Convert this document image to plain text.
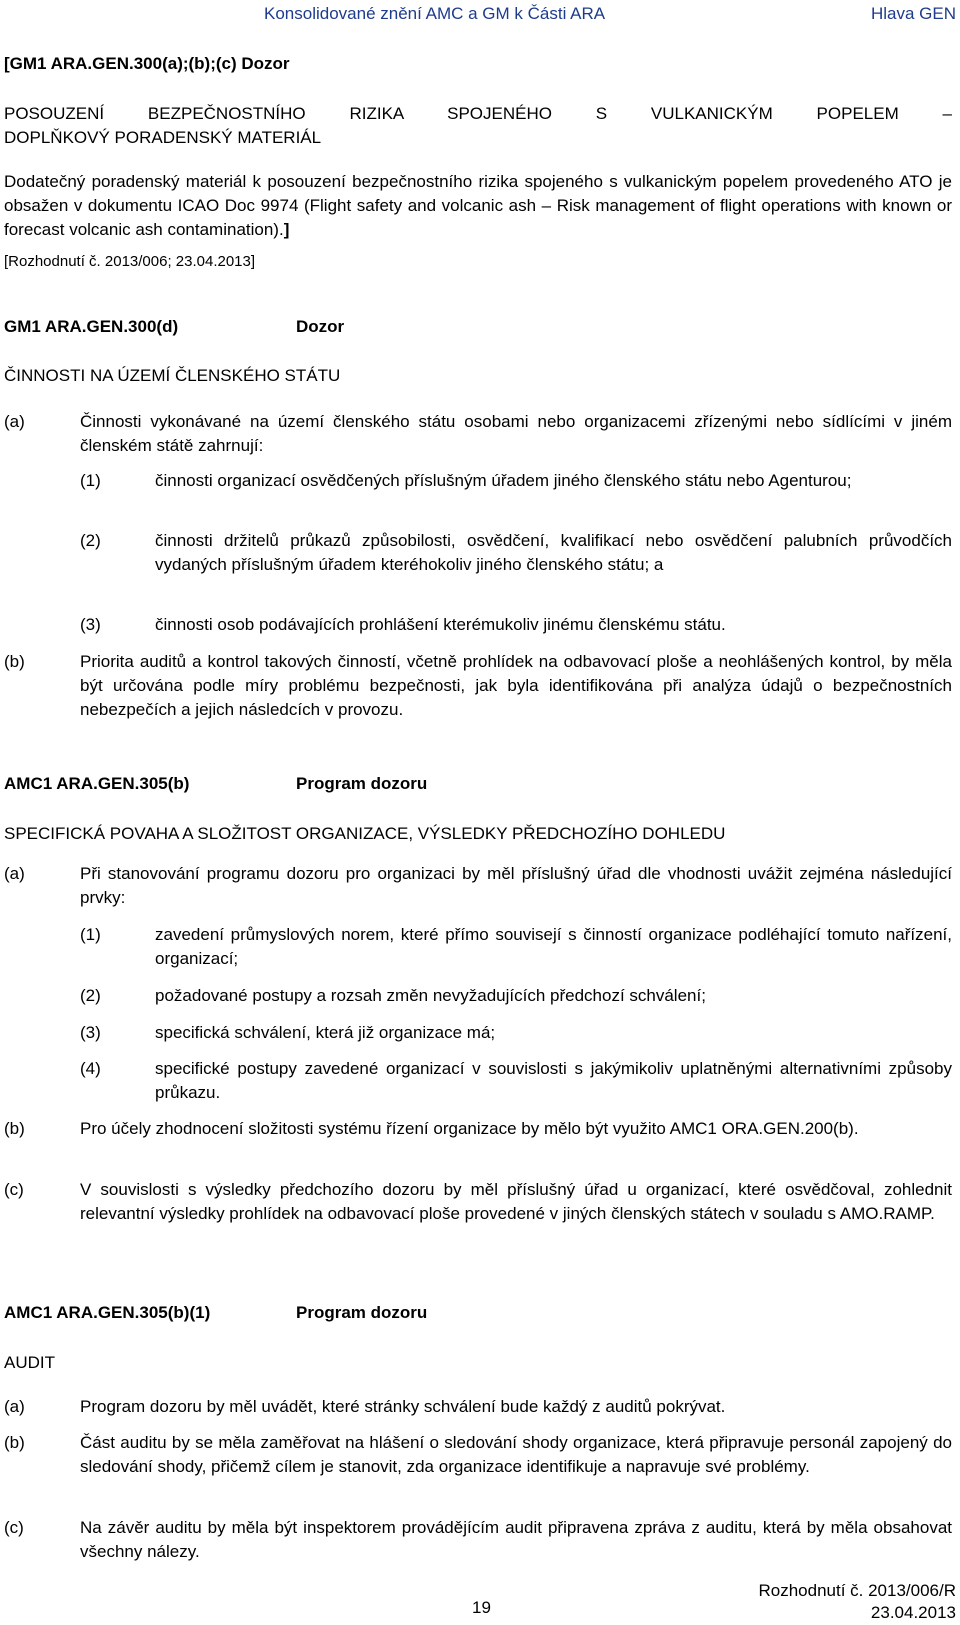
Konsolidované znění AMC a GM k Části ARA	Hlava GEN
[GM1 ARA.GEN.300(a);(b);(c) Dozor
POSOUZENÍ BEZPEČNOSTNÍHO RIZIKA SPOJENÉHO S VULKANICKÝM POPELEM –
DOPLŇKOVÝ PORADENSKÝ MATERIÁL
Dodatečný poradenský materiál k posouzení bezpečnostního rizika spojeného s vulkanickým popelem provedeného ATO je obsažen v dokumentu ICAO Doc 9974 (Flight safety and volcanic ash – Risk management of flight operations with known or forecast volcanic ash contamination).]
[Rozhodnutí č. 2013/006; 23.04.2013]
GM1 ARA.GEN.300(d)	Dozor
ČINNOSTI NA ÚZEMÍ ČLENSKÉHO STÁTU
(a)	Činnosti vykonávané na území členského státu osobami nebo organizacemi zřízenými nebo sídlícími v jiném členském státě zahrnují:
(1)	činnosti organizací osvědčených příslušným úřadem jiného členského státu nebo Agenturou;
(2)	činnosti držitelů průkazů způsobilosti, osvědčení, kvalifikací nebo osvědčení palubních průvodčích vydaných příslušným úřadem kteréhokoliv jiného členského státu; a
(3)	činnosti osob podávajících prohlášení kterémukoliv jinému členskému státu.
(b)	Priorita auditů a kontrol takových činností, včetně prohlídek na odbavovací ploše a neohlášených kontrol, by měla být určována podle míry problému bezpečnosti, jak byla identifikována při analýza údajů o bezpečnostních nebezpečích a jejich následcích v provozu.
AMC1 ARA.GEN.305(b)	Program dozoru
SPECIFICKÁ POVAHA A SLOŽITOST ORGANIZACE, VÝSLEDKY PŘEDCHOZÍHO DOHLEDU
(a)	Při stanovování programu dozoru pro organizaci by měl příslušný úřad dle vhodnosti uvážit zejména následující prvky:
(1)	zavedení průmyslových norem, které přímo souvisejí s činností organizace podléhající tomuto nařízení, organizací;
(2)	požadované postupy a rozsah změn nevyžadujících předchozí schválení;
(3)	specifická schválení, která již organizace má;
(4)	specifické postupy zavedené organizací v souvislosti s jakýmikoliv uplatněnými alternativními způsoby průkazu.
(b)	Pro účely zhodnocení složitosti systému řízení organizace by mělo být využito AMC1 ORA.GEN.200(b).
(c)	V souvislosti s výsledky předchozího dozoru by měl příslušný úřad u organizací, které osvědčoval, zohlednit relevantní výsledky prohlídek na odbavovací ploše provedené v jiných členských státech v souladu s AMO.RAMP.
AMC1 ARA.GEN.305(b)(1)	Program dozoru
AUDIT
(a)	Program dozoru by měl uvádět, které stránky schválení bude každý z auditů pokrývat.
(b)	Část auditu by se měla zaměřovat na hlášení o sledování shody organizace, která připravuje personál zapojený do sledování shody, přičemž cílem je stanovit, zda organizace identifikuje a napravuje své problémy.
(c)	Na závěr auditu by měla být inspektorem provádějícím audit připravena zpráva z auditu, která by měla obsahovat všechny nálezy.
19
Rozhodnutí č. 2013/006/R
23.04.2013
